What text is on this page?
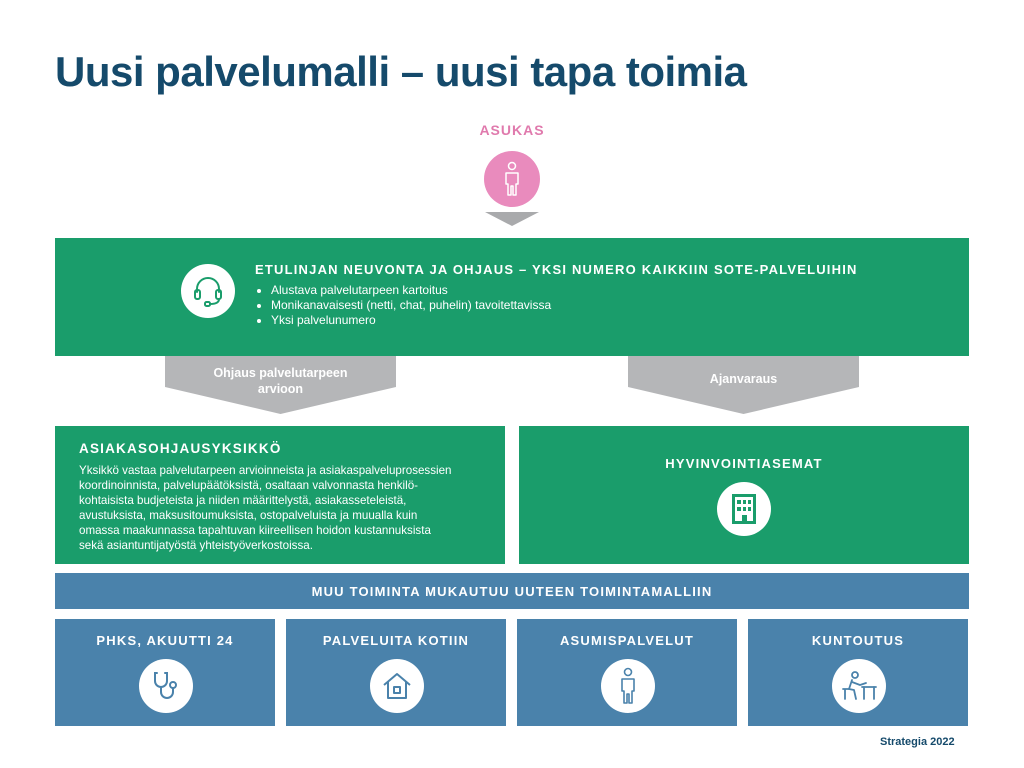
Uusi palvelumalli – uusi tapa toimia
ASUKAS
ETULINJAN NEUVONTA JA OHJAUS – YKSI NUMERO KAIKKIIN SOTE-PALVELUIHIN
• Alustava palvelutarpeen kartoitus
• Monikanavaisesti (netti, chat, puhelin) tavoitettavissa
• Yksi palvelunumero
Ohjaus palvelutarpeen
arvioon
Ajanvaraus
ASIAKASOHJAUSYKSIKKÖ
Yksikkö vastaa palvelutarpeen arvioinneista ja asiakaspalveluprosessien
koordinoinnista, palvelupäätöksistä, osaltaan valvonnasta henkilö-
kohtaisista budjeteista ja niiden määrittelystä, asiakasseteleistä,
avustuksista, maksusitoumuksista, ostopalveluista ja muualla kuin
omassa maakunnassa tapahtuvan kiireellisen hoidon kustannuksista
sekä asiantuntijatyöstä yhteistyöverkostoissa.
HYVINVOINTIASEMAT
MUU TOIMINTA MUKAUTUU UUTEEN TOIMINTAMALLIIN
PHKS, AKUUTTI 24	PALVELUITA KOTIIN	ASUMISPALVELUT	KUNTOUTUS
Strategia 2022
